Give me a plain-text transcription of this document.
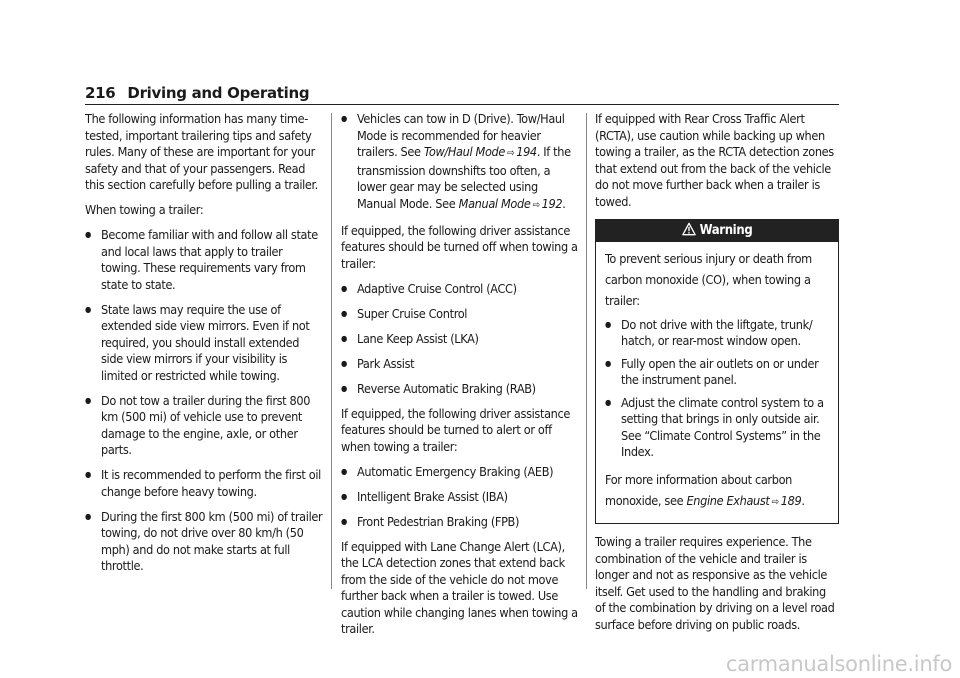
216 Driving and Operating

The following information has many time-tested, important trailering tips and safety rules. Many of these are important for your safety and that of your passengers. Read this section carefully before pulling a trailer.

When towing a trailer:

● Become familiar with and follow all state and local laws that apply to trailer towing. These requirements vary from state to state.
● State laws may require the use of extended side view mirrors. Even if not required, you should install extended side view mirrors if your visibility is limited or restricted while towing.
● Do not tow a trailer during the first 800 km (500 mi) of vehicle use to prevent damage to the engine, axle, or other parts.
● It is recommended to perform the first oil change before heavy towing.
● During the first 800 km (500 mi) of trailer towing, do not drive over 80 km/h (50 mph) and do not make starts at full throttle.
● Vehicles can tow in D (Drive). Tow/Haul Mode is recommended for heavier trailers. See Tow/Haul Mode ⇨ 194. If the transmission downshifts too often, a lower gear may be selected using Manual Mode. See Manual Mode ⇨ 192.

If equipped, the following driver assistance features should be turned off when towing a trailer:

● Adaptive Cruise Control (ACC)
● Super Cruise Control
● Lane Keep Assist (LKA)
● Park Assist
● Reverse Automatic Braking (RAB)

If equipped, the following driver assistance features should be turned to alert or off when towing a trailer:

● Automatic Emergency Braking (AEB)
● Intelligent Brake Assist (IBA)
● Front Pedestrian Braking (FPB)

If equipped with Lane Change Alert (LCA), the LCA detection zones that extend back from the side of the vehicle do not move further back when a trailer is towed. Use caution while changing lanes when towing a trailer.

If equipped with Rear Cross Traffic Alert (RCTA), use caution while backing up when towing a trailer, as the RCTA detection zones that extend out from the back of the vehicle do not move further back when a trailer is towed.

Warning

To prevent serious injury or death from carbon monoxide (CO), when towing a trailer:

● Do not drive with the liftgate, trunk/ hatch, or rear-most window open.
● Fully open the air outlets on or under the instrument panel.
● Adjust the climate control system to a setting that brings in only outside air. See “Climate Control Systems” in the Index.

For more information about carbon monoxide, see Engine Exhaust ⇨ 189.

Towing a trailer requires experience. The combination of the vehicle and trailer is longer and not as responsive as the vehicle itself. Get used to the handling and braking of the combination by driving on a level road surface before driving on public roads.

carmanualsonline.info
